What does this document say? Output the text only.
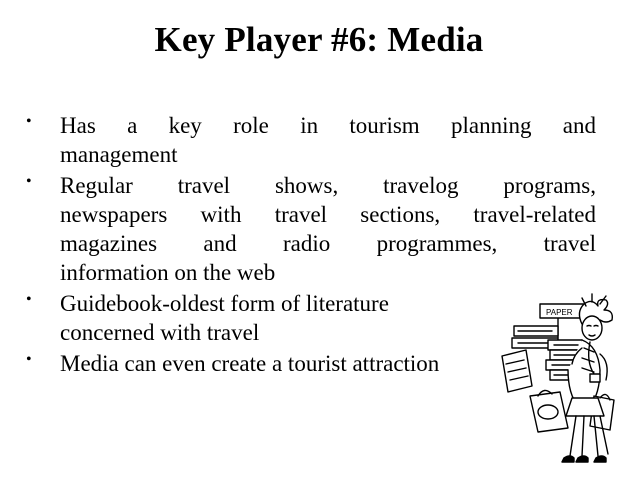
Key Player #6: Media
• Has a key role in tourism planning and
management
• Regular travel shows, travelog programs,
newspapers with travel sections, travel-related
magazines and radio programmes, travel
information on the web
• Guidebook-oldest form of literature
concerned with travel
• Media can even create a tourist attraction
PAPER
